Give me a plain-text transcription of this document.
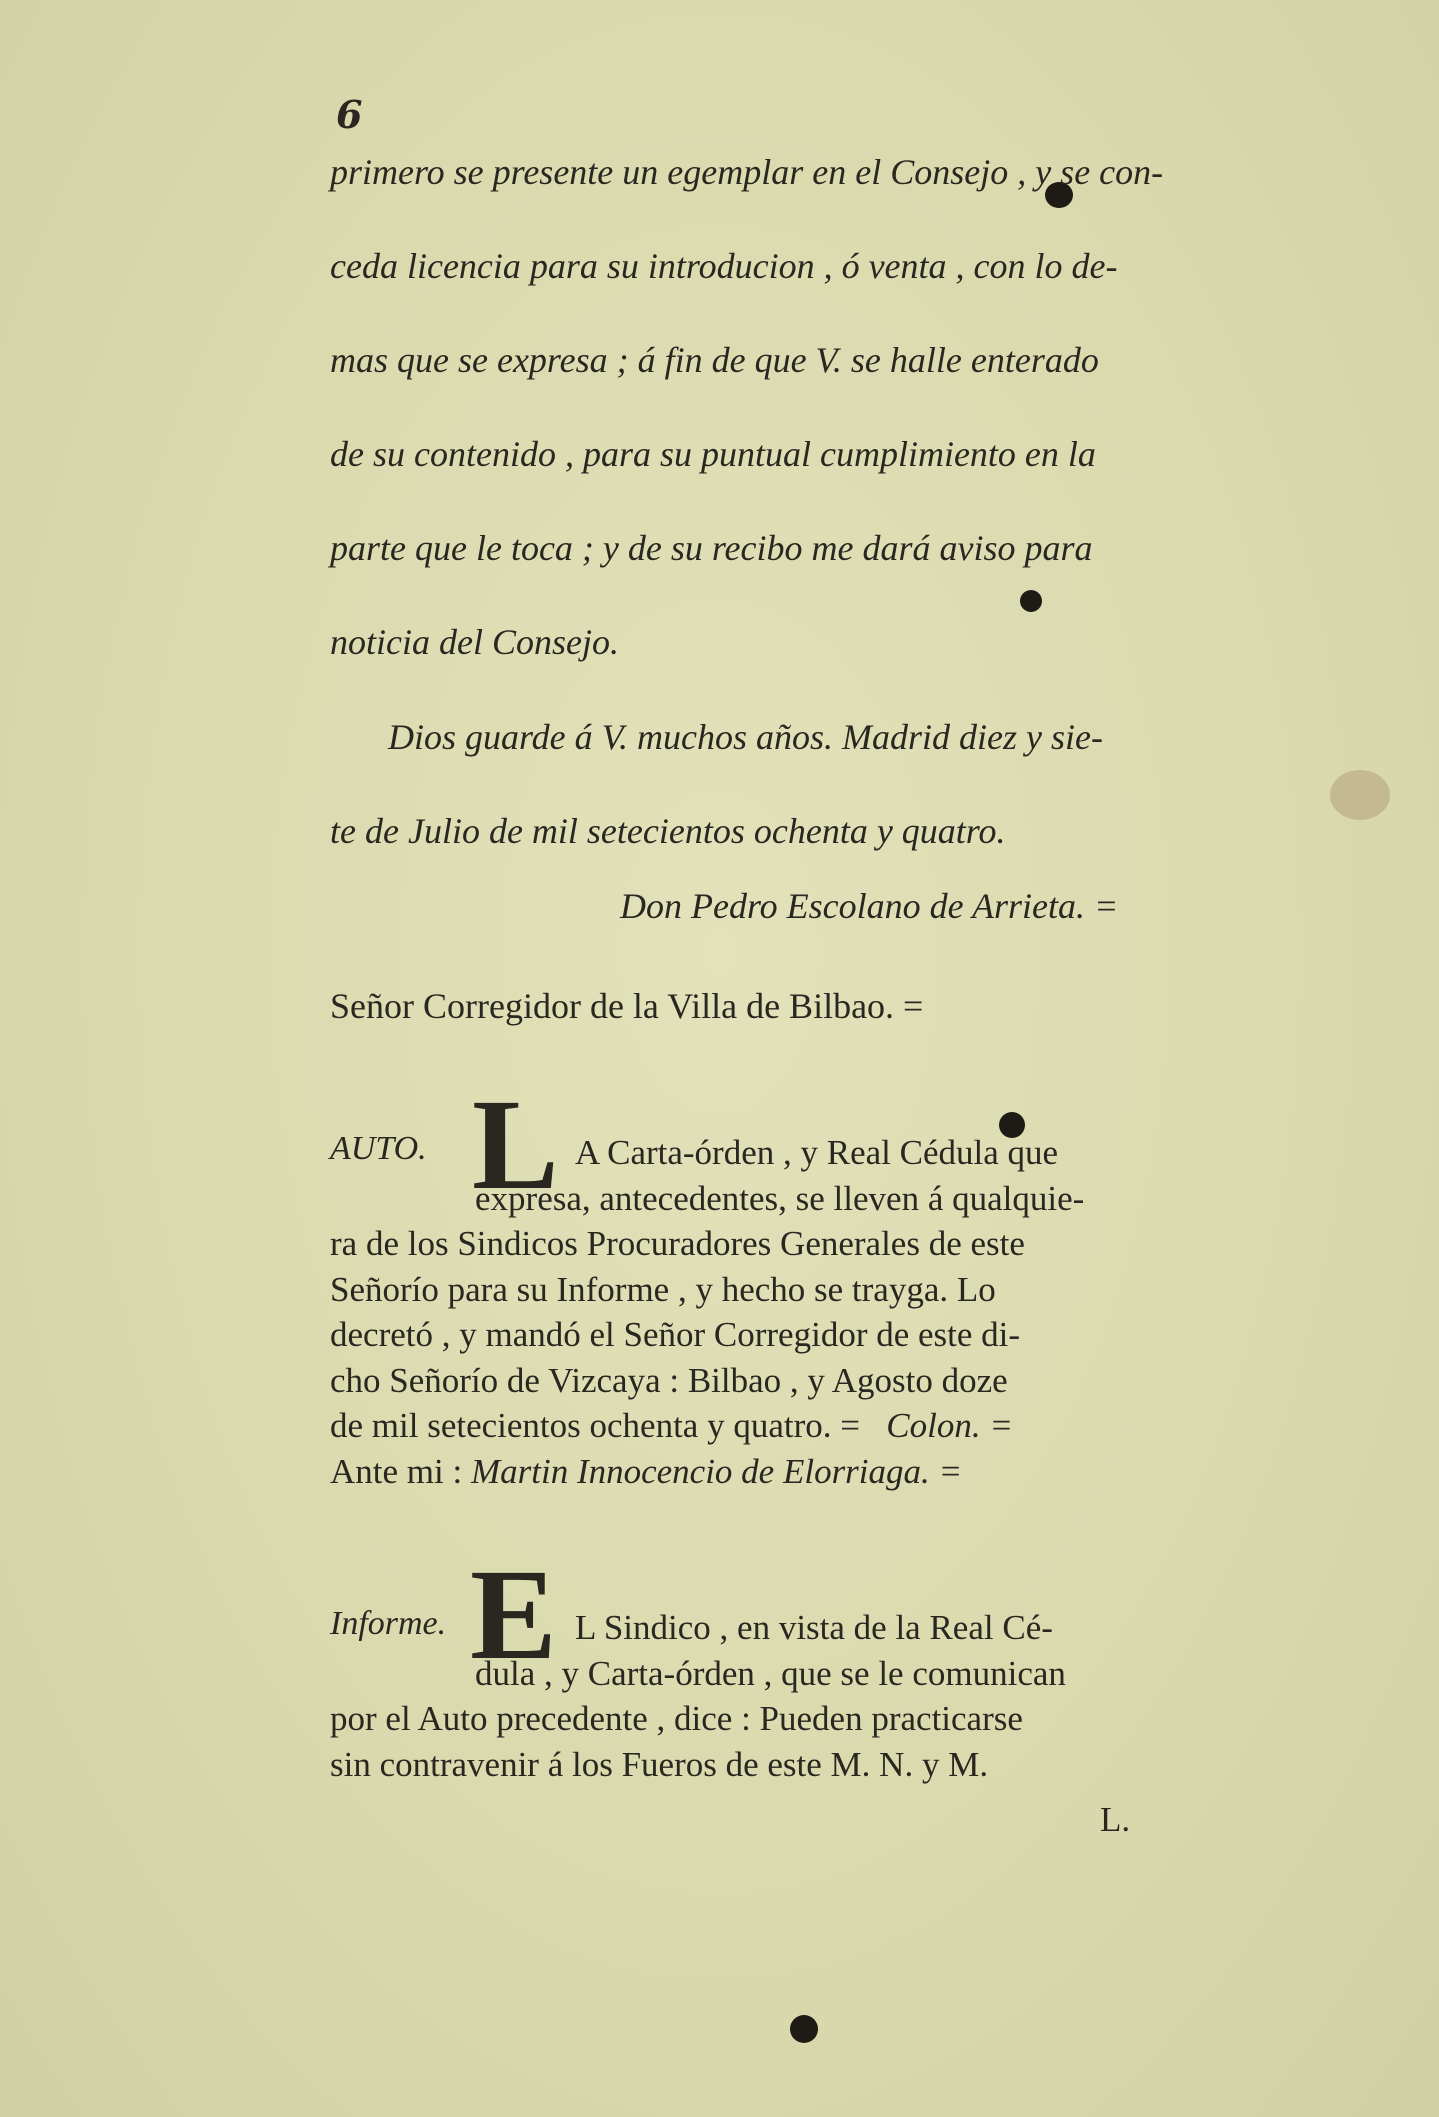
6
primero se presente un egemplar en el Consejo , y se con-
ceda licencia para su introducion , ó venta , con lo de-
mas que se expresa ; á fin de que V. se halle enterado
de su contenido , para su puntual cumplimiento en la
parte que le toca ; y de su recibo me dará aviso para
noticia del Consejo.
Dios guarde á V. muchos años. Madrid diez y sie-
te de Julio de mil setecientos ochenta y quatro.
Don Pedro Escolano de Arrieta. =
Señor Corregidor de la Villa de Bilbao. =
AUTO. L A Carta-órden , y Real Cédula que
expresa, antecedentes, se lleven á qualquie-
ra de los Sindicos Procuradores Generales de este
Señorío para su Informe , y hecho se trayga. Lo
decretó , y mandó el Señor Corregidor de este di-
cho Señorío de Vizcaya : Bilbao , y Agosto doze
de mil setecientos ochenta y quatro. = Colon. =
Ante mi : Martin Innocencio de Elorriaga. =
Informe. E L Sindico , en vista de la Real Cé-
dula , y Carta-órden , que se le comunican
por el Auto precedente , dice : Pueden practicarse
sin contravenir á los Fueros de este M. N. y M.
L.
